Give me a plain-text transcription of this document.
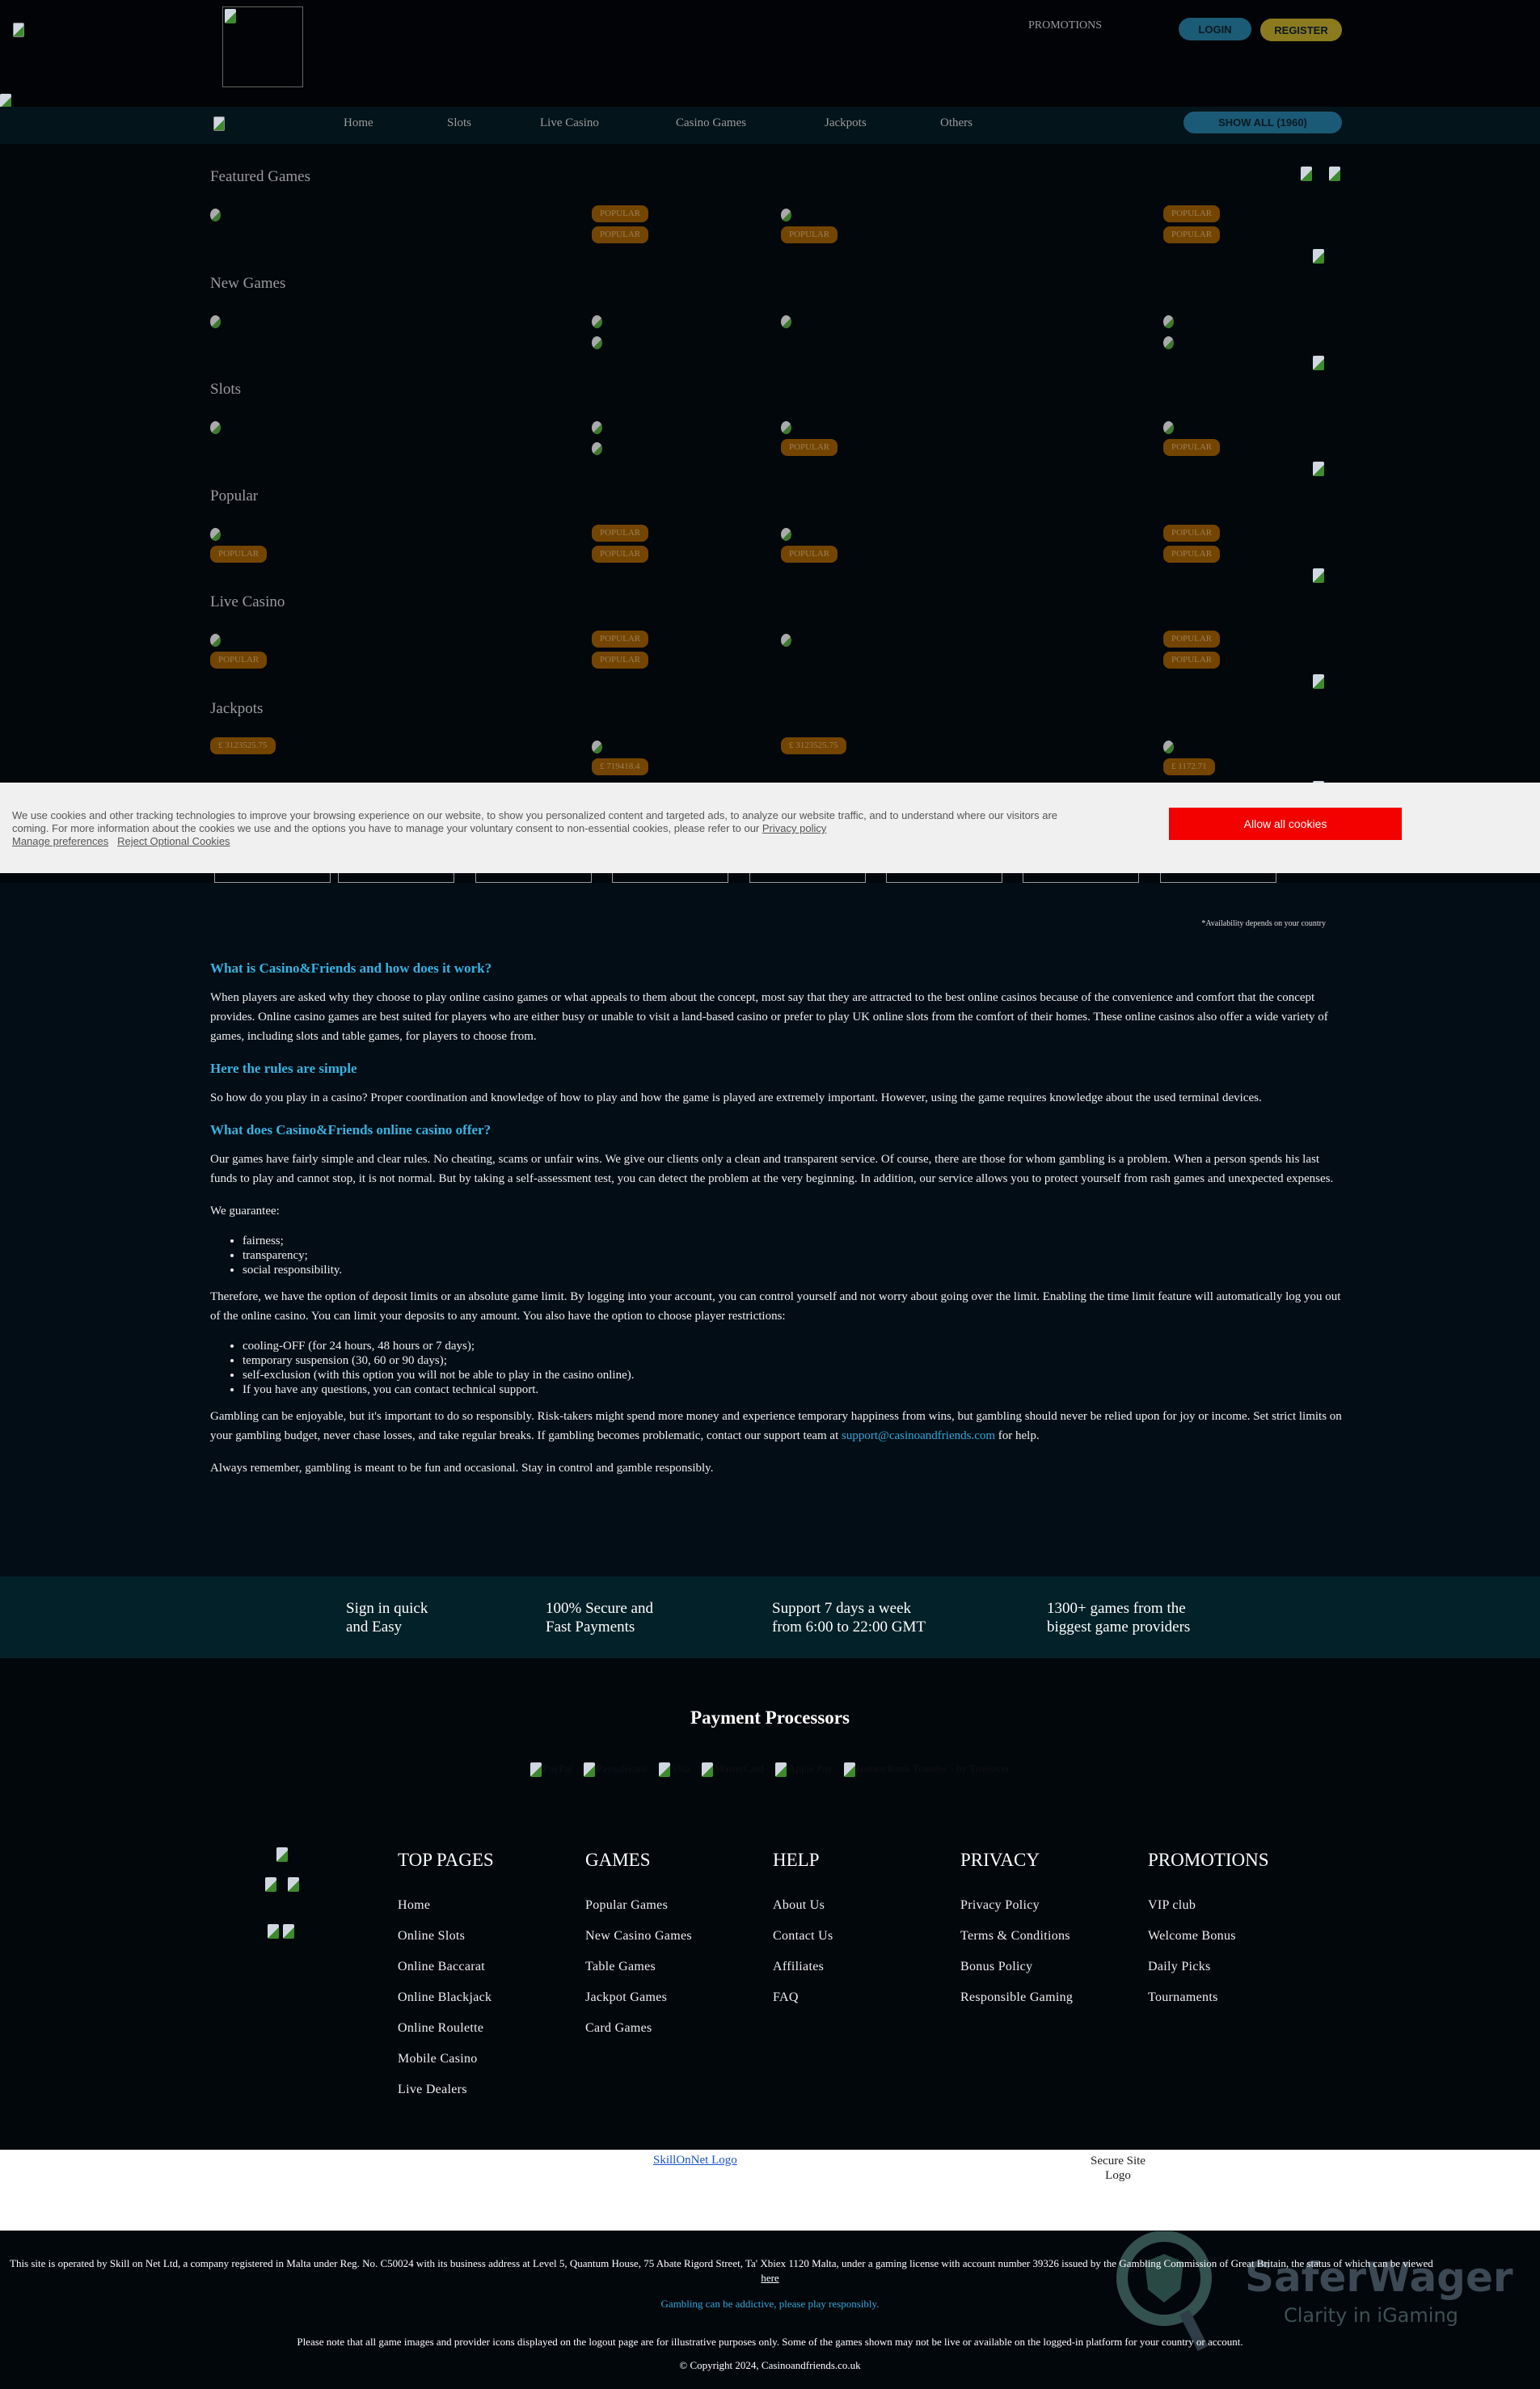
PROMOTIONS	LOGIN	REGISTER
Home	Slots	Live Casino	Casino Games	Jackpots	Others	SHOW ALL (1960)
Featured Games
POPULAR
POPULAR	POPULAR
POPULAR
POPULAR
New Games
Slots
POPULAR	POPULAR
Popular
POPULAR
POPULAR
POPULAR	POPULAR
POPULAR
POPULAR
Live Casino
POPULAR
POPULAR
POPULAR
POPULAR
POPULAR
Jackpots
£ 3123525.75
£ 719418.4
£ 3123525.75
£ 1172.71

We use cookies and other tracking technologies to improve your browsing experience on our website, to show you personalized content and targeted ads, to analyze our website traffic, and to understand where our visitors are coming. For more information about the cookies we use and the options you have to manage your voluntary consent to non-essential cookies, please refer to our Privacy policy
Manage preferences Reject Optional Cookies

Allow all cookies
*Availability depends on your country
What is Casino&Friends and how does it work?

When players are asked why they choose to play online casino games or what appeals to them about the concept, most say that they are attracted to the best online casinos because of the convenience and comfort that the concept provides. Online casino games are best suited for players who are either busy or unable to visit a land-based casino or prefer to play UK online slots from the comfort of their homes. These online casinos also offer a wide variety of games, including slots and table games, for players to choose from.

Here the rules are simple

So how do you play in a casino? Proper coordination and knowledge of how to play and how the game is played are extremely important. However, using the game requires knowledge about the used terminal devices.

What does Casino&Friends online casino offer?

Our games have fairly simple and clear rules. No cheating, scams or unfair wins. We give our clients only a clean and transparent service. Of course, there are those for whom gambling is a problem. When a person spends his last funds to play and cannot stop, it is not normal. But by taking a self-assessment test, you can detect the problem at the very beginning. In addition, our service allows you to protect yourself from rash games and unexpected expenses.

We guarantee:

• fairness;
• transparency;
• social responsibility.

Therefore, we have the option of deposit limits or an absolute game limit. By logging into your account, you can control yourself and not worry about going over the limit. Enabling the time limit feature will automatically log you out of the online casino. You can limit your deposits to any amount. You also have the option to choose player restrictions:

• cooling-OFF (for 24 hours, 48 hours or 7 days);
• temporary suspension (30, 60 or 90 days);
• self-exclusion (with this option you will not be able to play in the casino online).
• If you have any questions, you can contact technical support.

Gambling can be enjoyable, but it's important to do so responsibly. Risk-takers might spend more money and experience temporary happiness from wins, but gambling should never be relied upon for joy or income. Set strict limits on your gambling budget, never chase losses, and take regular breaks. If gambling becomes problematic, contact our support team at support@casinoandfriends.com for help.

Always remember, gambling is meant to be fun and occasional. Stay in control and gamble responsibly.

Sign in quick
and Easy
100% Secure and
Fast Payments
Support 7 days a week
from 6:00 to 22:00 GMT
1300+ games from the
biggest game providers
Payment Processors
PayPal	Paysafecard	Visa	MasterCard	Apple Pay	Instant Bank Transfer - by Truelayer
TOP PAGES
Home
Online Slots
Online Baccarat
Online Blackjack
Online Roulette
Mobile Casino
Live Dealers
GAMES
Popular Games
New Casino Games
Table Games
Jackpot Games
Card Games
HELP
About Us
Contact Us
Affiliates
FAQ
PRIVACY
Privacy Policy
Terms & Conditions
Bonus Policy
Responsible Gaming
PROMOTIONS
VIP club
Welcome Bonus
Daily Picks
Tournaments
SkillOnNet Logo	Secure Site Logo
SaferWager
Clarity in iGaming
This site is operated by Skill on Net Ltd, a company registered in Malta under Reg. No. C50024 with its business address at Level 5, Quantum House, 75 Abate Rigord Street, Ta' Xbiex 1120 Malta, under a gaming license with account number 39326 issued by the Gambling Commission of Great Britain, the status of which can be viewed
here
Gambling can be addictive, please play responsibly.
Please note that all game images and provider icons displayed on the logout page are for illustrative purposes only. Some of the games shown may not be live or available on the logged-in platform for your country or account.
© Copyright 2024, Casinoandfriends.co.uk
